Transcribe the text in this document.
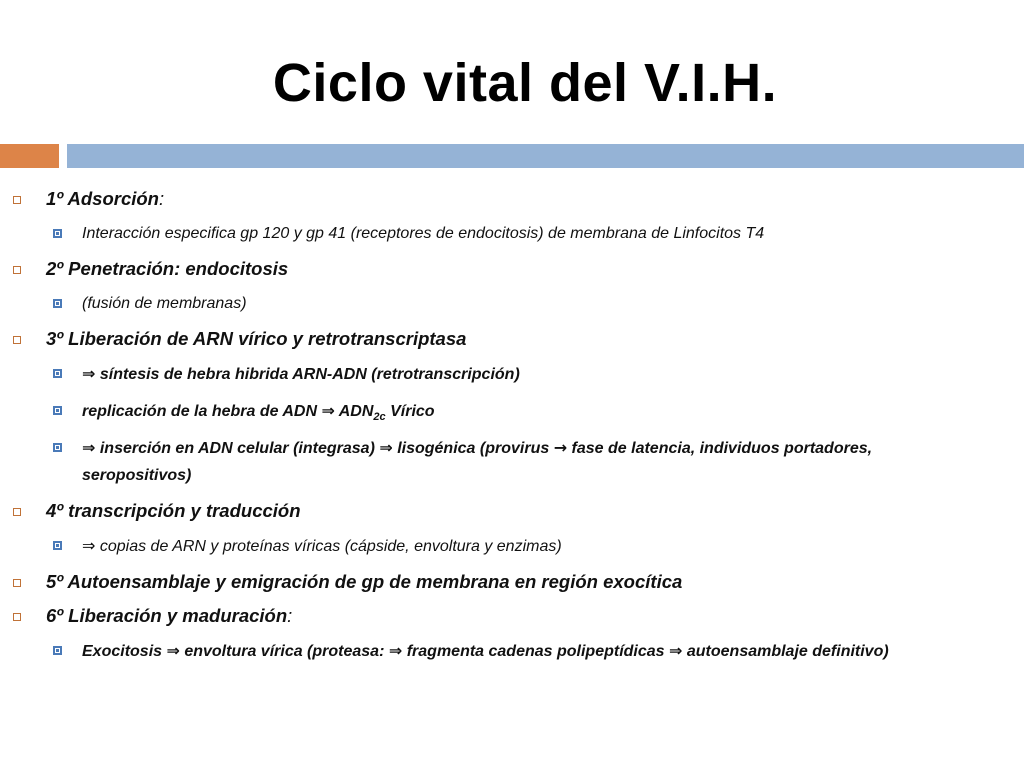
Ciclo vital del V.I.H.
1º Adsorción:
Interacción especifica gp 120 y gp 41 (receptores de endocitosis) de membrana de Linfocitos T4
2º Penetración: endocitosis
(fusión de membranas)
3º Liberación de ARN vírico y retrotranscriptasa
⇒ síntesis de hebra hibrida ARN-ADN (retrotranscripción)
replicación de la hebra de ADN ⇒ $ADN_{2c}$ Vírico
⇒ inserción en ADN celular (integrasa) ⇒ lisogénica (provirus → fase de latencia, individuos portadores, seropositivos)
4º transcripción y traducción
⇒ copias de ARN y proteínas víricas (cápside, envoltura y enzimas)
5º Autoensamblaje y emigración de gp de membrana en región exocítica
6º Liberación y maduración:
Exocitosis ⇒ envoltura vírica (proteasa: ⇒ fragmenta cadenas polipeptídicas ⇒ autoensamblaje definitivo)
